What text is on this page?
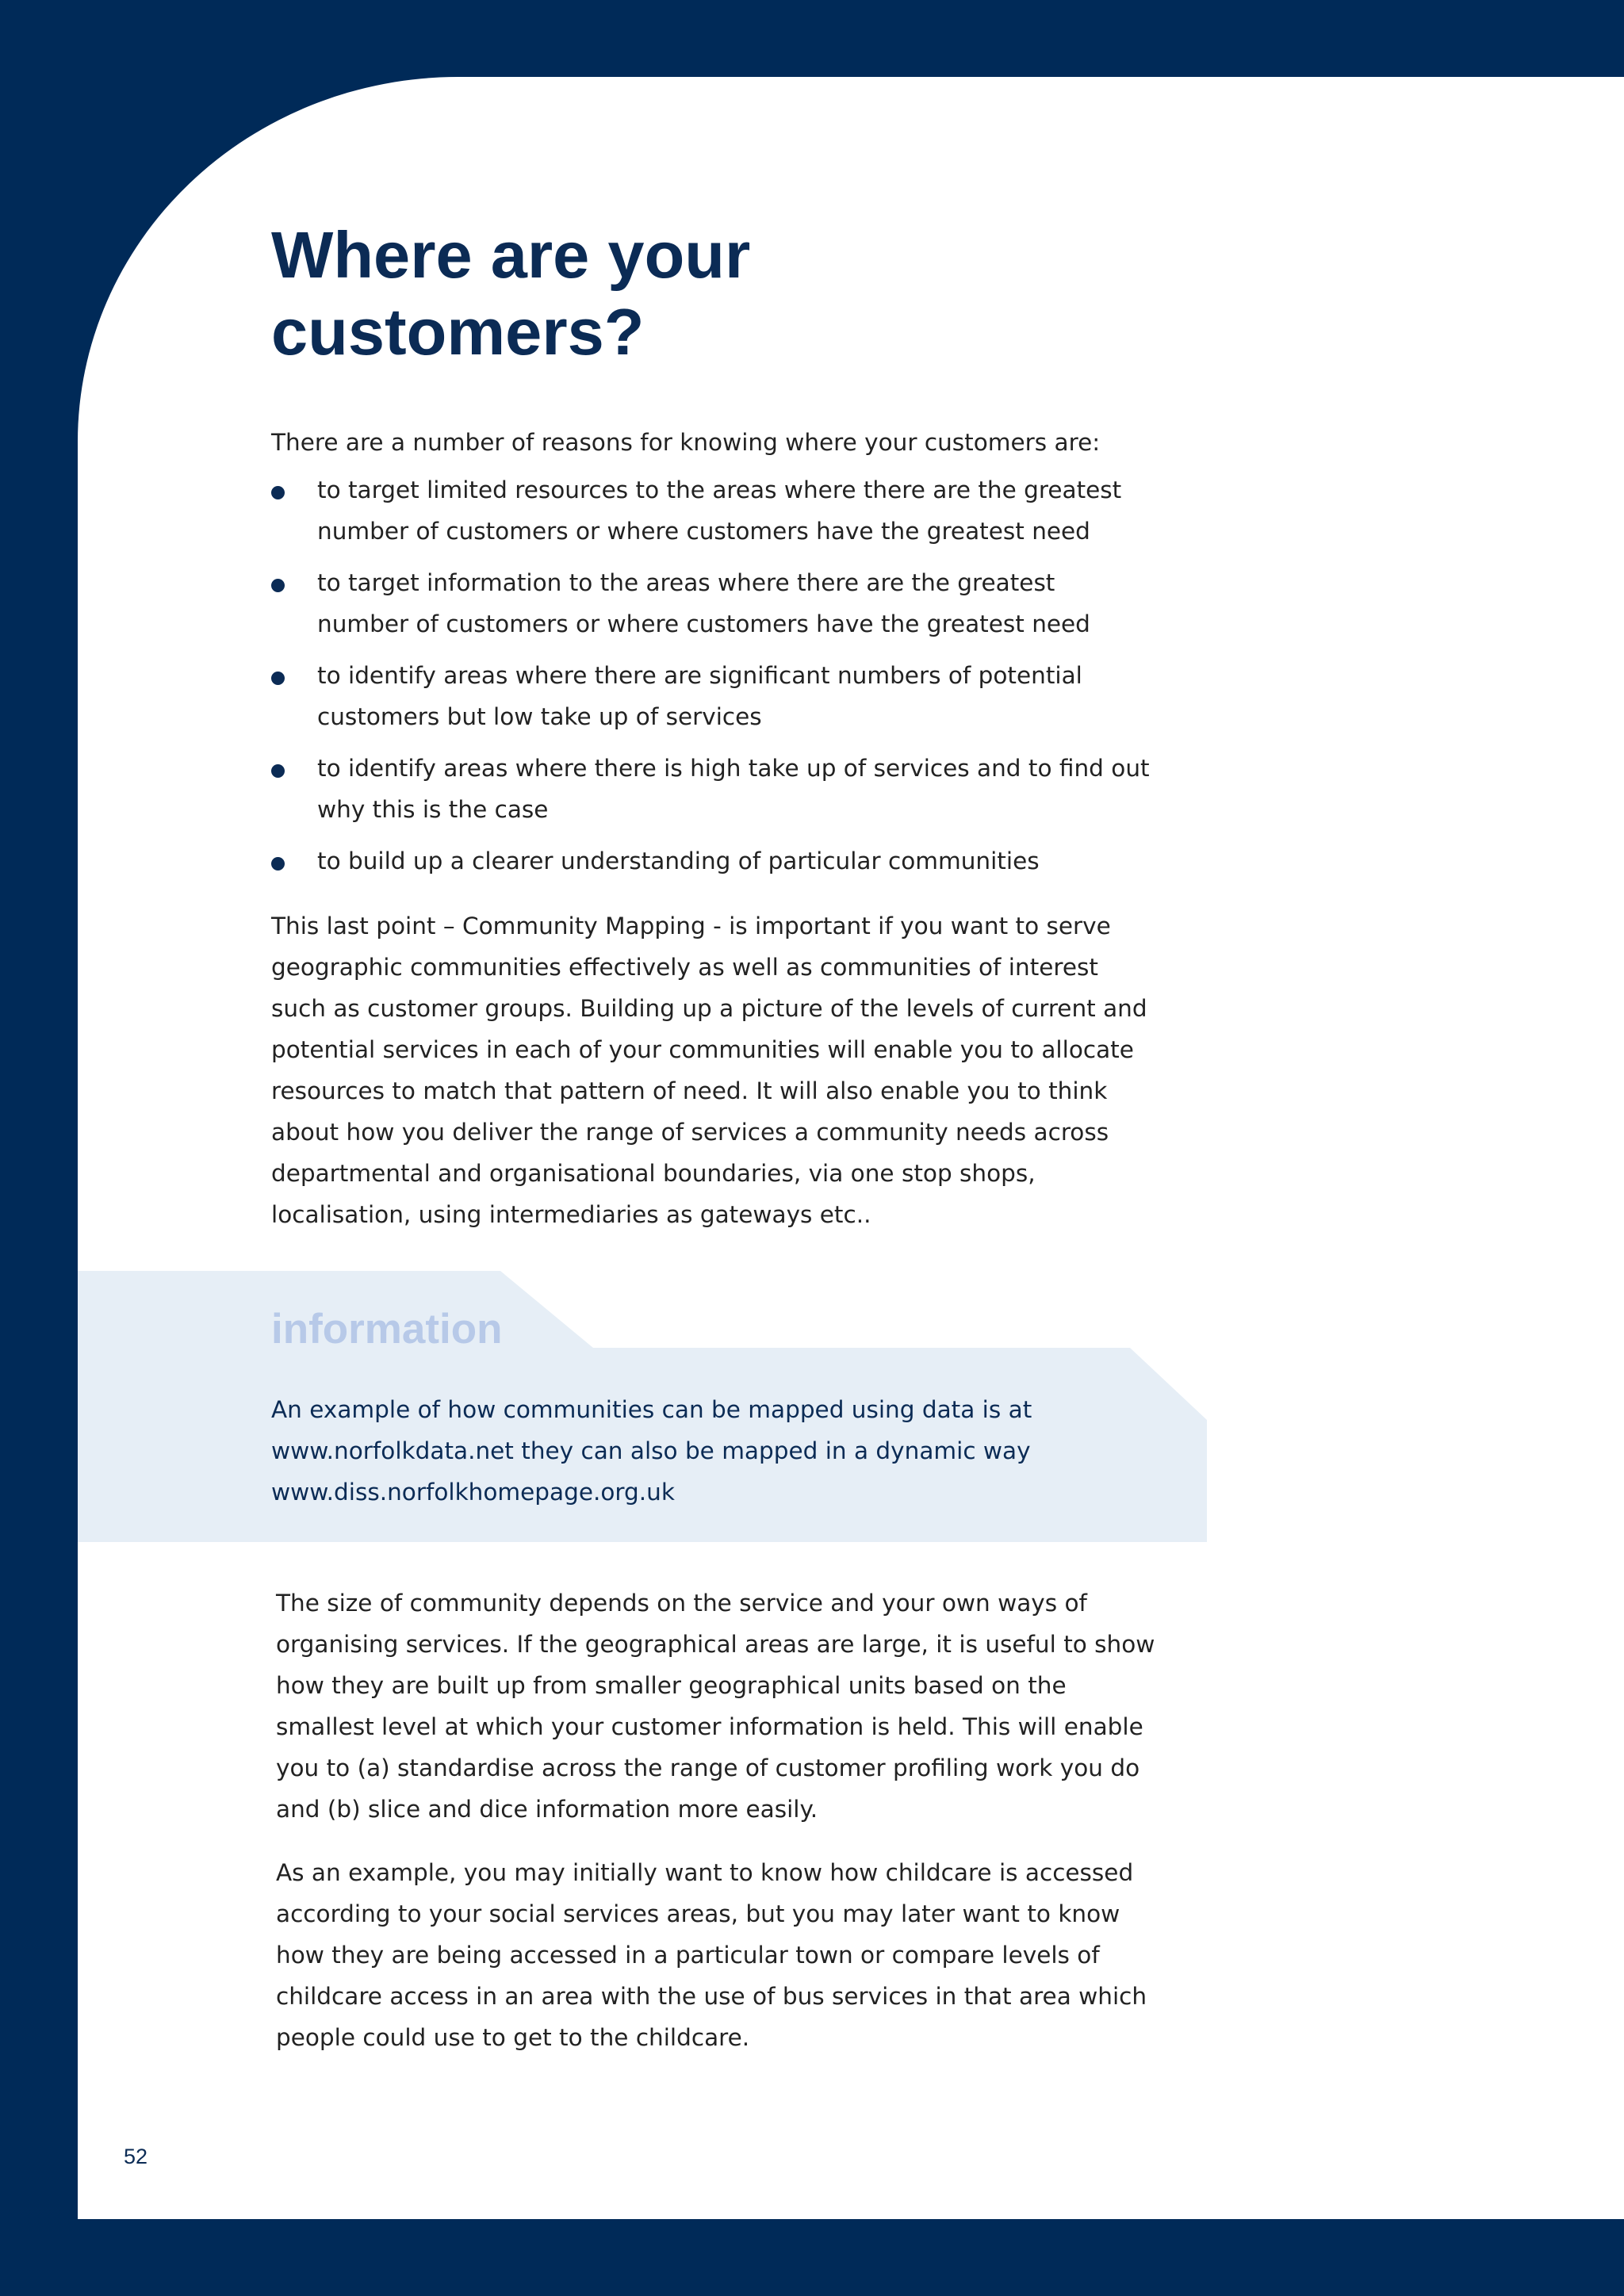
Where are your customers?

There are a number of reasons for knowing where your customers are:

to target limited resources to the areas where there are the greatest number of customers or where customers have the greatest need
to target information to the areas where there are the greatest number of customers or where customers have the greatest need
to identify areas where there are significant numbers of potential customers but low take up of services
to identify areas where there is high take up of services and to find out why this is the case
to build up a clearer understanding of particular communities

This last point – Community Mapping - is important if you want to serve geographic communities effectively as well as communities of interest such as customer groups. Building up a picture of the levels of current and potential services in each of your communities will enable you to allocate resources to match that pattern of need. It will also enable you to think about how you deliver the range of services a community needs across departmental and organisational boundaries, via one stop shops, localisation, using intermediaries as gateways etc..

information

An example of how communities can be mapped using data is at www.norfolkdata.net they can also be mapped in a dynamic way www.diss.norfolkhomepage.org.uk

The size of community depends on the service and your own ways of organising services. If the geographical areas are large, it is useful to show how they are built up from smaller geographical units based on the smallest level at which your customer information is held. This will enable you to (a) standardise across the range of customer profiling work you do and (b) slice and dice information more easily.

As an example, you may initially want to know how childcare is accessed according to your social services areas, but you may later want to know how they are being accessed in a particular town or compare levels of childcare access in an area with the use of bus services in that area which people could use to get to the childcare.

52
